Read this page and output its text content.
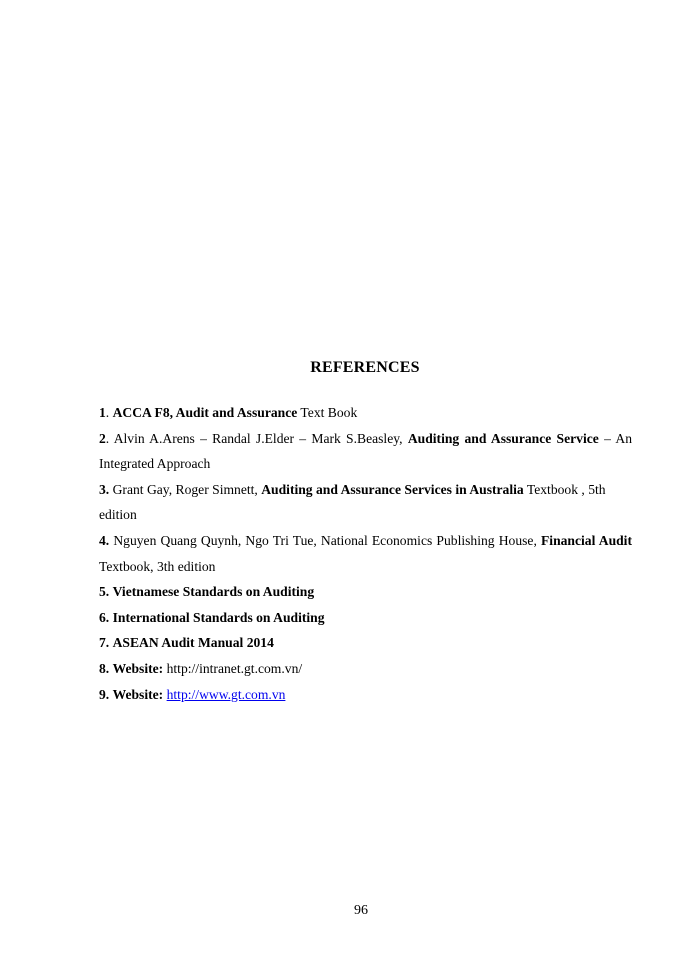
REFERENCES

1. ACCA F8, Audit and Assurance Text Book

2. Alvin A.Arens – Randal J.Elder – Mark S.Beasley, Auditing and Assurance Service – An Integrated Approach

3. Grant Gay, Roger Simnett, Auditing and Assurance Services in Australia Textbook , 5th edition

4. Nguyen Quang Quynh, Ngo Tri Tue, National Economics Publishing House, Financial Audit Textbook, 3th edition

5. Vietnamese Standards on Auditing

6. International Standards on Auditing

7. ASEAN Audit Manual 2014

8. Website: http://intranet.gt.com.vn/

9. Website: http://www.gt.com.vn

96
